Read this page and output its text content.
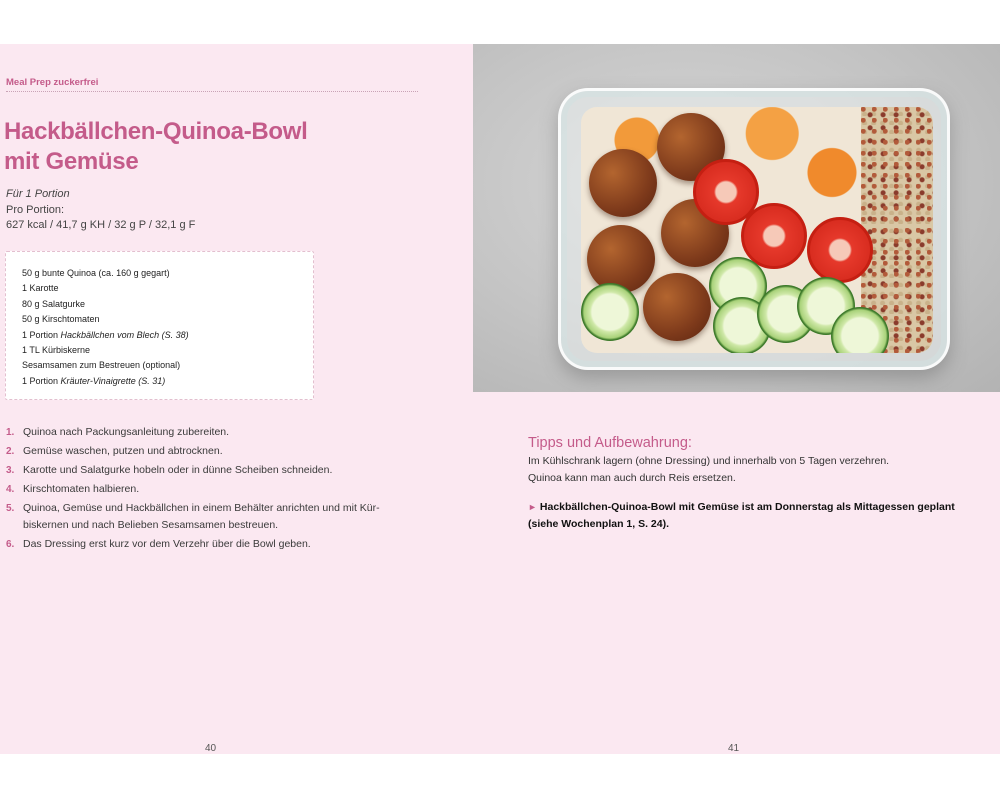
Meal Prep zuckerfrei
Hackbällchen-Quinoa-Bowl
mit Gemüse
Für 1 Portion
Pro Portion:
627 kcal / 41,7 g KH / 32 g P / 32,1 g F
50 g bunte Quinoa (ca. 160 g gegart)
1 Karotte
80 g Salatgurke
50 g Kirschtomaten
1 Portion Hackbällchen vom Blech (S. 38)
1 TL Kürbiskerne
Sesamsamen zum Bestreuen (optional)
1 Portion Kräuter-Vinaigrette (S. 31)
1. Quinoa nach Packungsanleitung zubereiten.
2. Gemüse waschen, putzen und abtrocknen.
3. Karotte und Salatgurke hobeln oder in dünne Scheiben schneiden.
4. Kirschtomaten halbieren.
5. Quinoa, Gemüse und Hackbällchen in einem Behälter anrichten und mit Kür-biskernen und nach Belieben Sesamsamen bestreuen.
6. Das Dressing erst kurz vor dem Verzehr über die Bowl geben.
40
Tipps und Aufbewahrung:
Im Kühlschrank lagern (ohne Dressing) und innerhalb von 5 Tagen verzehren.
Quinoa kann man auch durch Reis ersetzen.
► Hackbällchen-Quinoa-Bowl mit Gemüse ist am Donnerstag als Mittagessen geplant (siehe Wochenplan 1, S. 24).
41
